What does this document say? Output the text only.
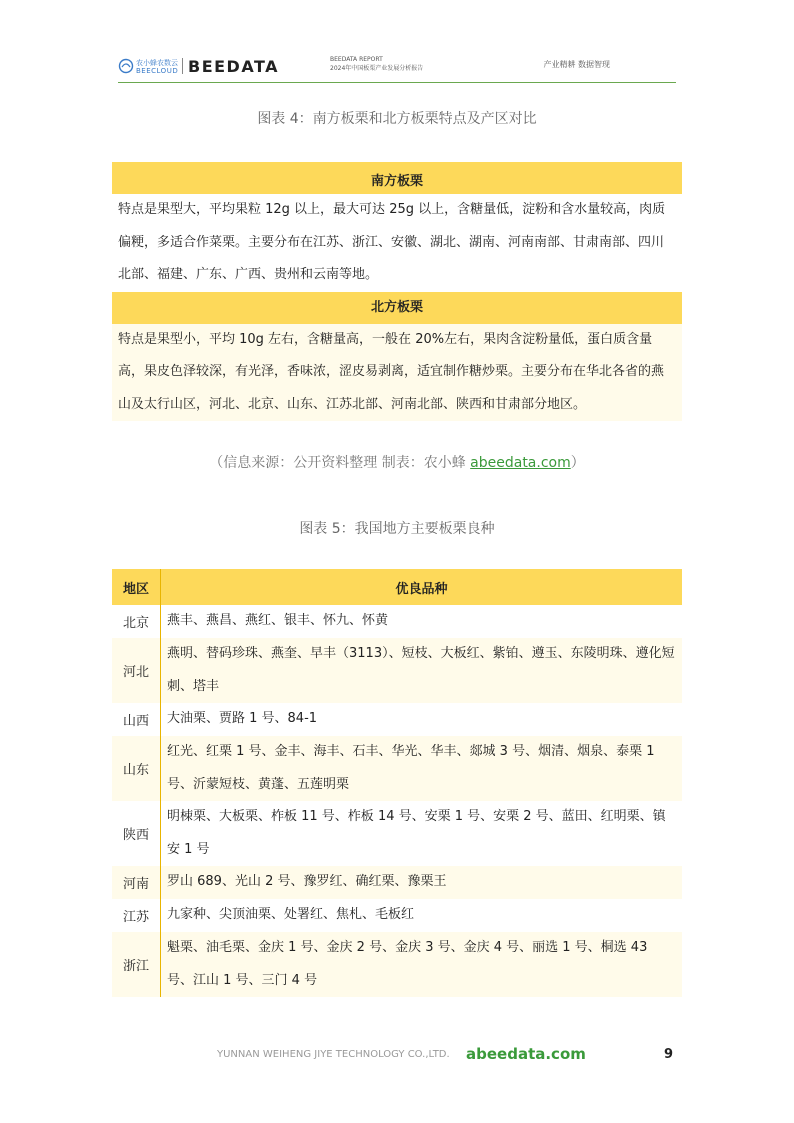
农小蜂农数云
BEECLOUD BEEDATA	BEEDATA REPORT
2024年中国板栗产业发展分析报告	产业精耕 数据智现
图表 4：南方板栗和北方板栗特点及产区对比
南方板栗
特点是果型大，平均果粒 12g 以上，最大可达 25g 以上，含糖量低，淀粉和含水量较高，肉质偏粳，多适合作菜栗。主要分布在江苏、浙江、安徽、湖北、湖南、河南南部、甘肃南部、四川北部、福建、广东、广西、贵州和云南等地。
北方板栗
特点是果型小，平均 10g 左右，含糖量高，一般在 20%左右，果肉含淀粉量低，蛋白质含量高，果皮色泽较深，有光泽，香味浓，涩皮易剥离，适宜制作糖炒栗。主要分布在华北各省的燕山及太行山区，河北、北京、山东、江苏北部、河南北部、陕西和甘肃部分地区。
（信息来源：公开资料整理 制表：农小蜂 abeedata.com）
图表 5：我国地方主要板栗良种
地区	优良品种
北京	燕丰、燕昌、燕红、银丰、怀九、怀黄
河北	燕明、替码珍珠、燕奎、早丰（3113）、短枝、大板红、紫铂、遵玉、东陵明珠、遵化短刺、塔丰
山西	大油栗、贾路 1 号、84-1
山东	红光、红栗 1 号、金丰、海丰、石丰、华光、华丰、郯城 3 号、烟清、烟泉、泰栗 1 号、沂蒙短枝、黄蓬、五莲明栗
陕西	明栜栗、大板栗、柞板 11 号、柞板 14 号、安栗 1 号、安栗 2 号、蓝田、红明栗、镇安 1 号
河南	罗山 689、光山 2 号、豫罗红、确红栗、豫栗王
江苏	九家种、尖顶油栗、处署红、焦札、毛板红
浙江	魁栗、油毛栗、金庆 1 号、金庆 2 号、金庆 3 号、金庆 4 号、丽选 1 号、桐选 43 号、江山 1 号、三门 4 号
YUNNAN WEIHENG JIYE TECHNOLOGY CO.,LTD. abeedata.com	9
